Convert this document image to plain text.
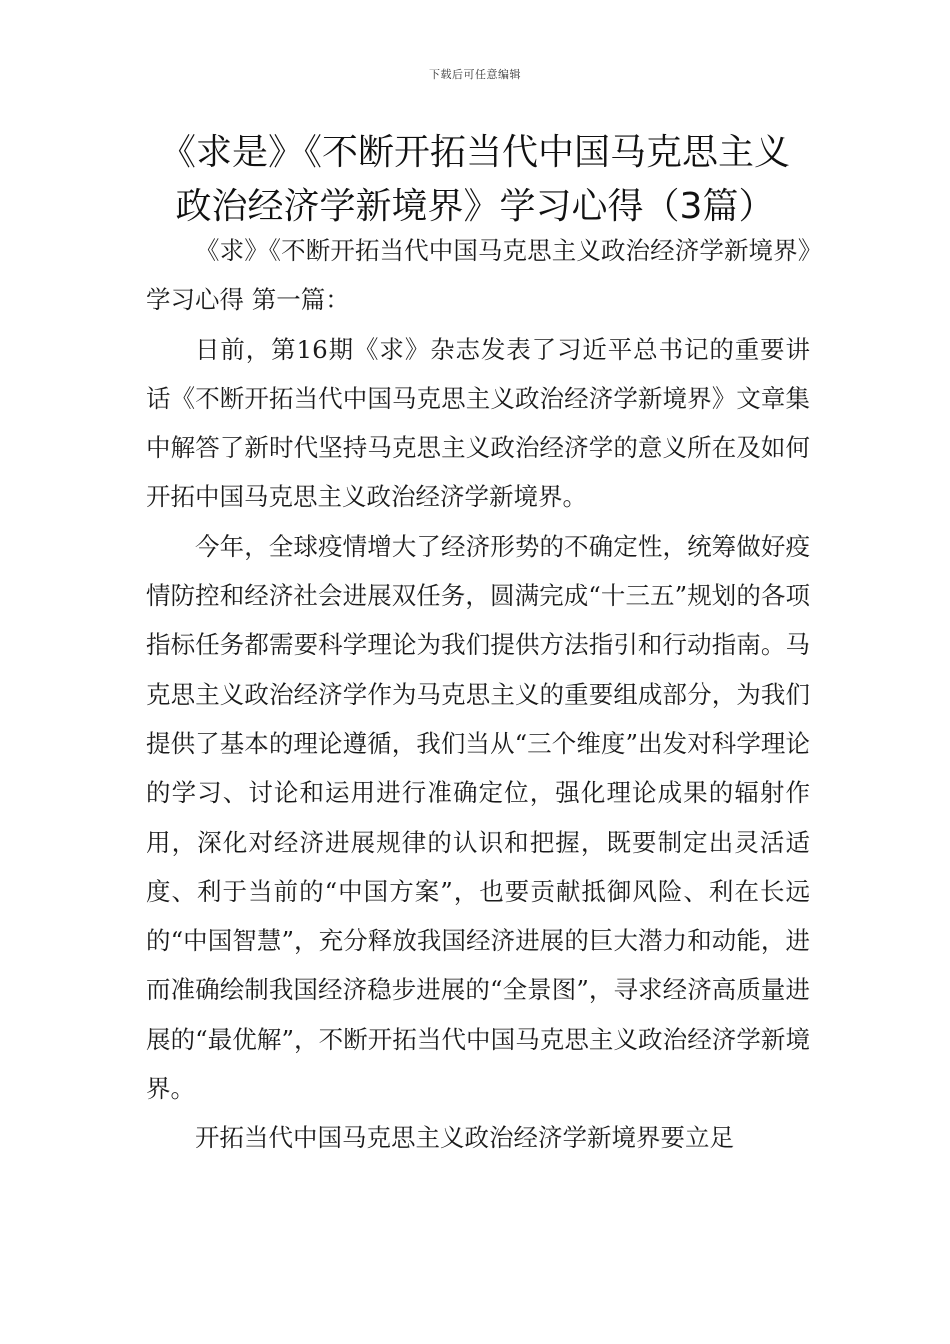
下载后可任意编辑
《求是》《不断开拓当代中国马克思主义
政治经济学新境界》学习心得（3篇）

《求》《不断开拓当代中国马克思主义政治经济学新境界》学习心得 第一篇：

日前，第16期《求》杂志发表了习近平总书记的重要讲话《不断开拓当代中国马克思主义政治经济学新境界》文章集中解答了新时代坚持马克思主义政治经济学的意义所在及如何开拓中国马克思主义政治经济学新境界。

今年，全球疫情增大了经济形势的不确定性，统筹做好疫情防控和经济社会进展双任务，圆满完成“十三五”规划的各项指标任务都需要科学理论为我们提供方法指引和行动指南。马克思主义政治经济学作为马克思主义的重要组成部分，为我们提供了基本的理论遵循，我们当从“三个维度”出发对科学理论的学习、讨论和运用进行准确定位，强化理论成果的辐射作用，深化对经济进展规律的认识和把握，既要制定出灵活适度、利于当前的“中国方案”，也要贡献抵御风险、利在长远的“中国智慧”，充分释放我国经济进展的巨大潜力和动能，进而准确绘制我国经济稳步进展的“全景图”，寻求经济高质量进展的“最优解”，不断开拓当代中国马克思主义政治经济学新境界。

开拓当代中国马克思主义政治经济学新境界要立足
